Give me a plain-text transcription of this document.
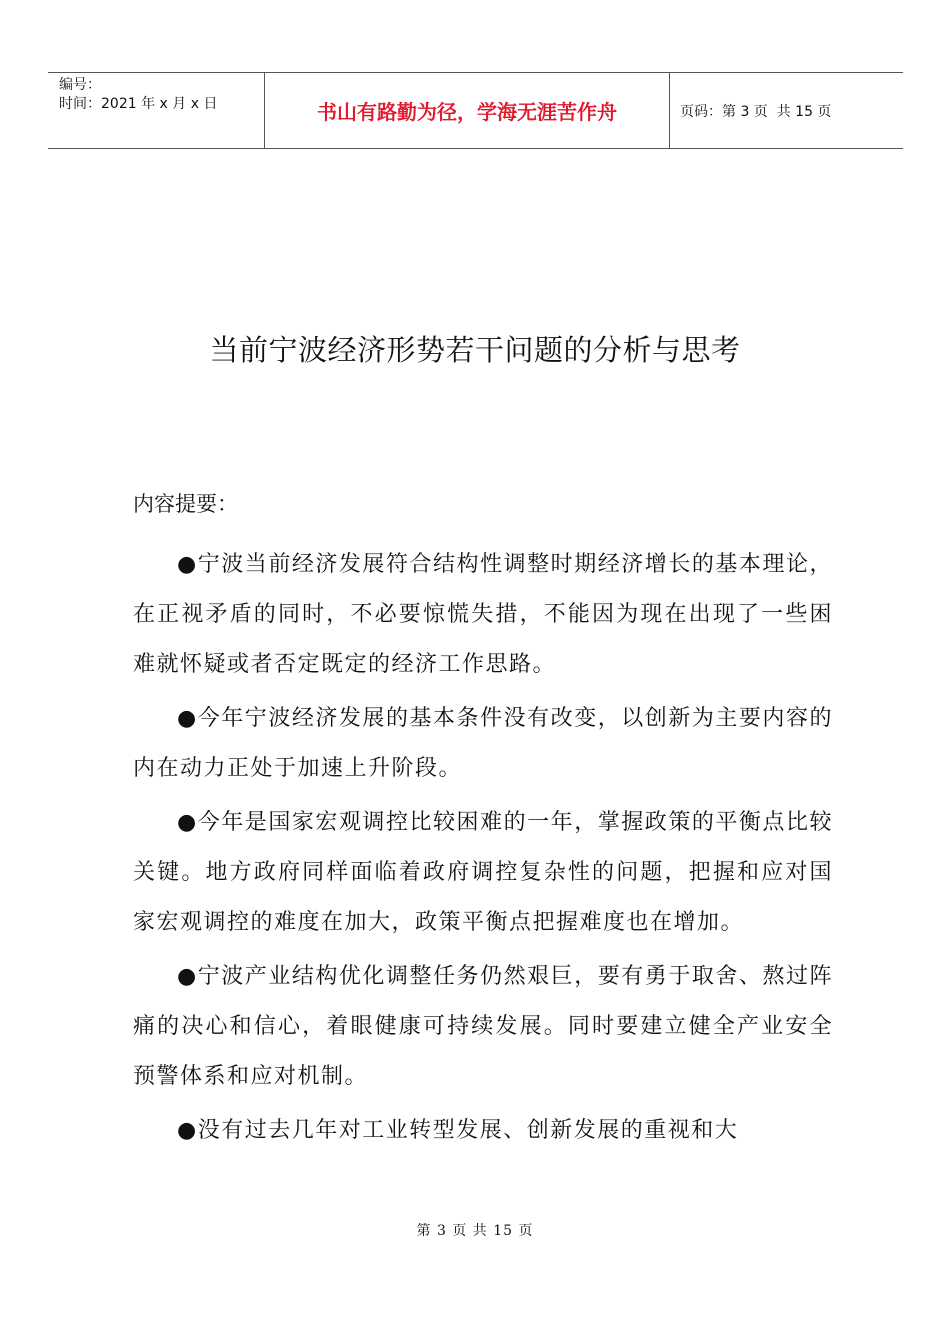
编号：
时间：2021 年 x 月 x 日	书山有路勤为径，学海无涯苦作舟	页码：第 3 页  共 15 页
当前宁波经济形势若干问题的分析与思考
内容提要：

●宁波当前经济发展符合结构性调整时期经济增长的基本理论，在正视矛盾的同时，不必要惊慌失措，不能因为现在出现了一些困难就怀疑或者否定既定的经济工作思路。

●今年宁波经济发展的基本条件没有改变，以创新为主要内容的内在动力正处于加速上升阶段。

●今年是国家宏观调控比较困难的一年，掌握政策的平衡点比较关键。地方政府同样面临着政府调控复杂性的问题，把握和应对国家宏观调控的难度在加大，政策平衡点把握难度也在增加。

●宁波产业结构优化调整任务仍然艰巨，要有勇于取舍、熬过阵痛的决心和信心，着眼健康可持续发展。同时要建立健全产业安全预警体系和应对机制。

●没有过去几年对工业转型发展、创新发展的重视和大

第 3 页 共 15 页
